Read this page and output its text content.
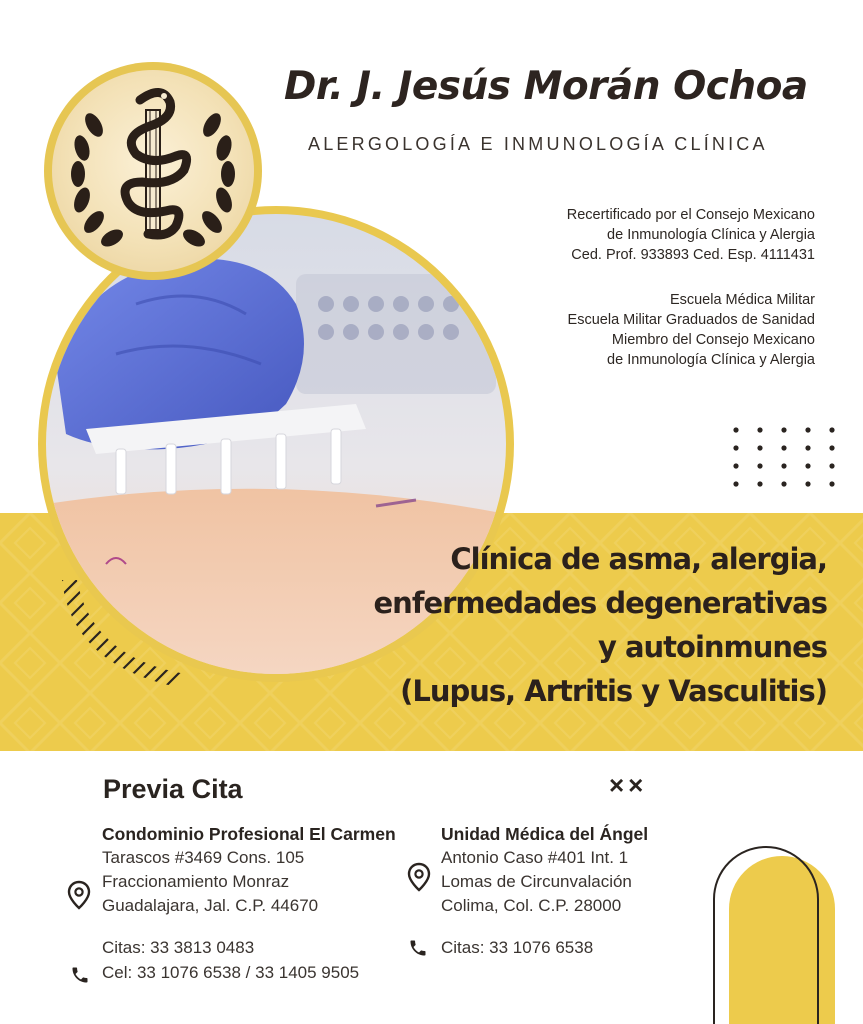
Dr. J. Jesús Morán Ochoa
ALERGOLOGÍA E INMUNOLOGÍA CLÍNICA
Recertificado por el Consejo Mexicano
de Inmunología Clínica y Alergia
Ced. Prof. 933893 Ced. Esp. 4111431
Escuela Médica Militar
Escuela Militar Graduados de Sanidad
Miembro del Consejo Mexicano
de Inmunología Clínica y Alergia
Clínica de asma, alergia,
enfermedades degenerativas
y autoinmunes
(Lupus, Artritis y Vasculitis)
Previa Cita	××
Condominio Profesional El Carmen
Tarascos #3469 Cons. 105
Fraccionamiento Monraz
Guadalajara, Jal. C.P. 44670
Citas: 33 3813 0483
Cel: 33 1076 6538 / 33 1405 9505
Unidad Médica del Ángel
Antonio Caso #401 Int. 1
Lomas de Circunvalación
Colima, Col. C.P. 28000
Citas: 33 1076 6538
